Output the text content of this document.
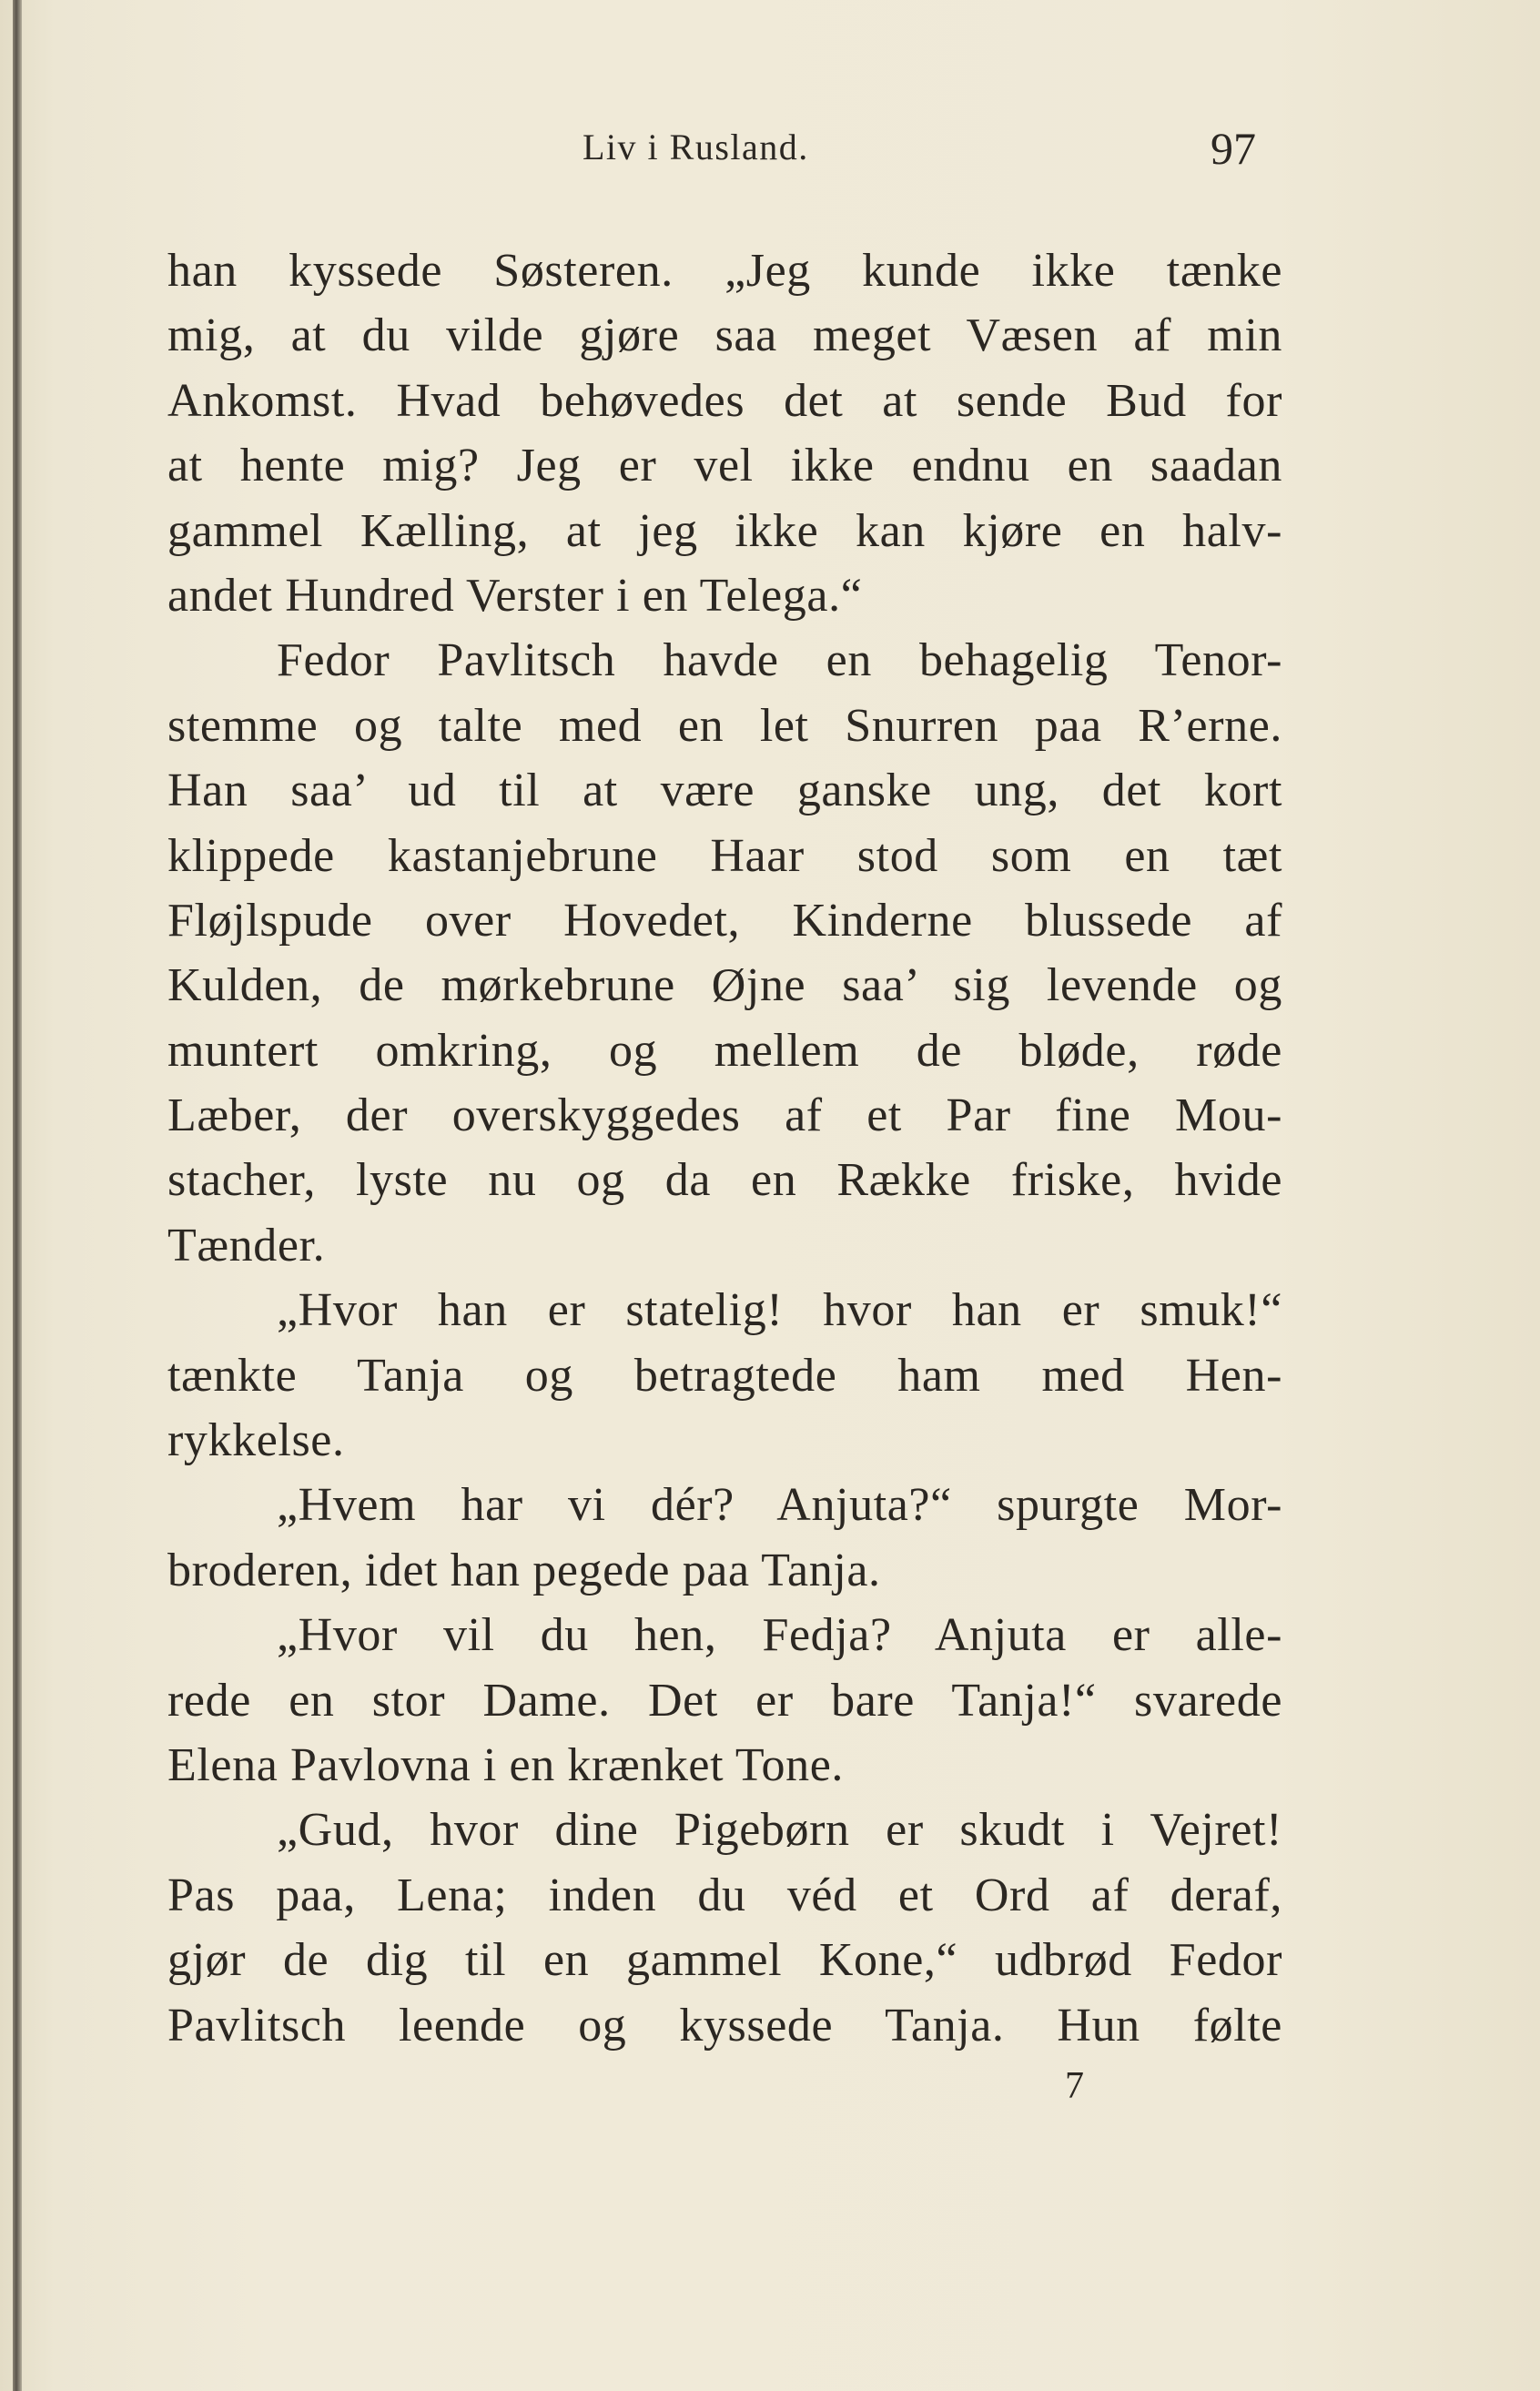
Liv i Rusland.	97
han kyssede Søsteren. „Jeg kunde ikke tænke
mig, at du vilde gjøre saa meget Væsen af min
Ankomst. Hvad behøvedes det at sende Bud for
at hente mig? Jeg er vel ikke endnu en saadan
gammel Kælling, at jeg ikke kan kjøre en halv-
andet Hundred Verster i en Telega.“
Fedor Pavlitsch havde en behagelig Tenor-
stemme og talte med en let Snurren paa R’erne.
Han saa’ ud til at være ganske ung, det kort
klippede kastanjebrune Haar stod som en tæt
Fløjlspude over Hovedet, Kinderne blussede af
Kulden, de mørkebrune Øjne saa’ sig levende og
muntert omkring, og mellem de bløde, røde
Læber, der overskyggedes af et Par fine Mou-
stacher, lyste nu og da en Række friske, hvide
Tænder.
„Hvor han er statelig! hvor han er smuk!“
tænkte Tanja og betragtede ham med Hen-
rykkelse.
„Hvem har vi dér? Anjuta?“ spurgte Mor-
broderen, idet han pegede paa Tanja.
„Hvor vil du hen, Fedja? Anjuta er alle-
rede en stor Dame. Det er bare Tanja!“ svarede
Elena Pavlovna i en krænket Tone.
„Gud, hvor dine Pigebørn er skudt i Vejret!
Pas paa, Lena; inden du véd et Ord af deraf,
gjør de dig til en gammel Kone,“ udbrød Fedor
Pavlitsch leende og kyssede Tanja. Hun følte
7
